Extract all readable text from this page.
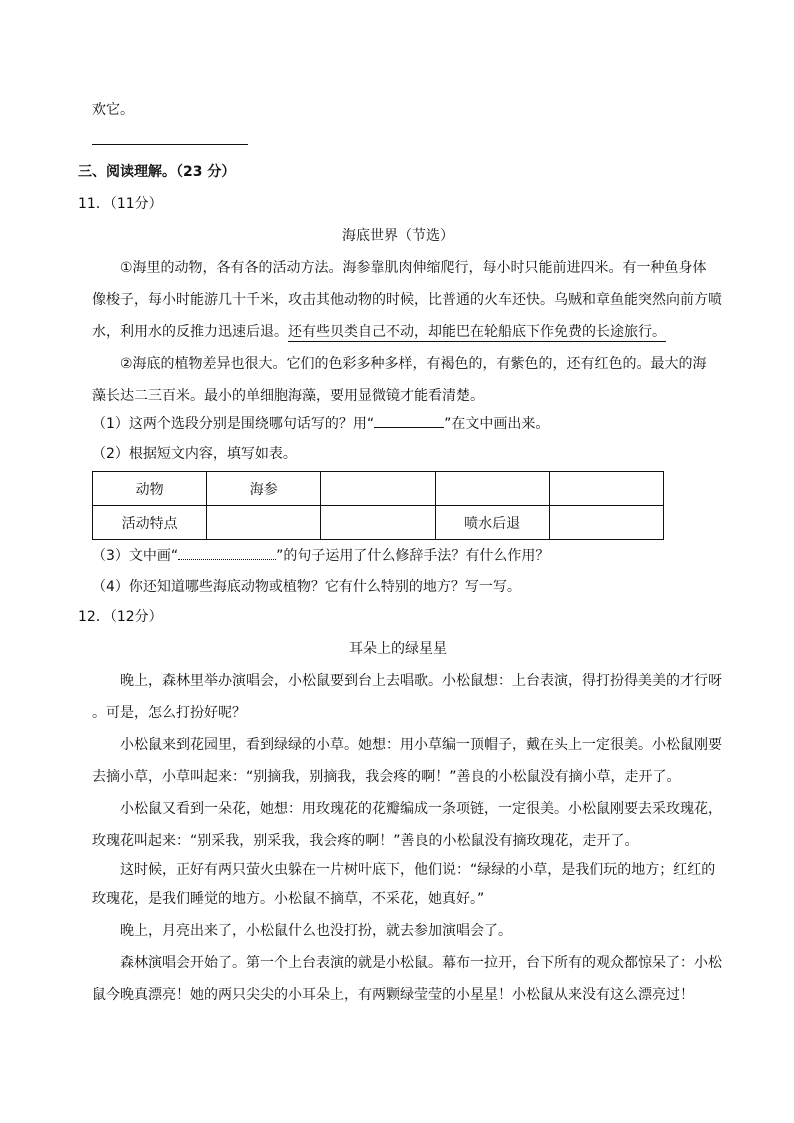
欢它。
三、阅读理解。（23 分）
11．（11分）
海底世界（节选）
①海里的动物，各有各的活动方法。海参靠肌肉伸缩爬行，每小时只能前进四米。有一种鱼身体
像梭子，每小时能游几十千米，攻击其他动物的时候，比普通的火车还快。乌贼和章鱼能突然向前方喷
水，利用水的反推力迅速后退。还有些贝类自己不动，却能巴在轮船底下作免费的长途旅行。
②海底的植物差异也很大。它们的色彩多种多样，有褐色的，有紫色的，还有红色的。最大的海
藻长达二三百米。最小的单细胞海藻，要用显微镜才能看清楚。
（1）这两个选段分别是围绕哪句话写的？用“	”在文中画出来。
（2）根据短文内容，填写如表。
动物	海参			
活动特点			喷水后退	
（3）文中画“	”的句子运用了什么修辞手法？有什么作用？
（4）你还知道哪些海底动物或植物？它有什么特别的地方？写一写。
12．（12分）
耳朵上的绿星星
晚上，森林里举办演唱会，小松鼠要到台上去唱歌。小松鼠想：上台表演，得打扮得美美的才行呀
。可是，怎么打扮好呢？
小松鼠来到花园里，看到绿绿的小草。她想：用小草编一顶帽子，戴在头上一定很美。小松鼠刚要
去摘小草，小草叫起来：“别摘我，别摘我，我会疼的啊！”善良的小松鼠没有摘小草，走开了。
小松鼠又看到一朵花，她想：用玫瑰花的花瓣编成一条项链，一定很美。小松鼠刚要去采玫瑰花，
玫瑰花叫起来：“别采我，别采我，我会疼的啊！”善良的小松鼠没有摘玫瑰花，走开了。
这时候，正好有两只萤火虫躲在一片树叶底下，他们说：“绿绿的小草，是我们玩的地方；红红的
玫瑰花，是我们睡觉的地方。小松鼠不摘草，不采花，她真好。”
晚上，月亮出来了，小松鼠什么也没打扮，就去参加演唱会了。
森林演唱会开始了。第一个上台表演的就是小松鼠。幕布一拉开，台下所有的观众都惊呆了：小松
鼠今晚真漂亮！她的两只尖尖的小耳朵上，有两颗绿莹莹的小星星！小松鼠从来没有这么漂亮过！
